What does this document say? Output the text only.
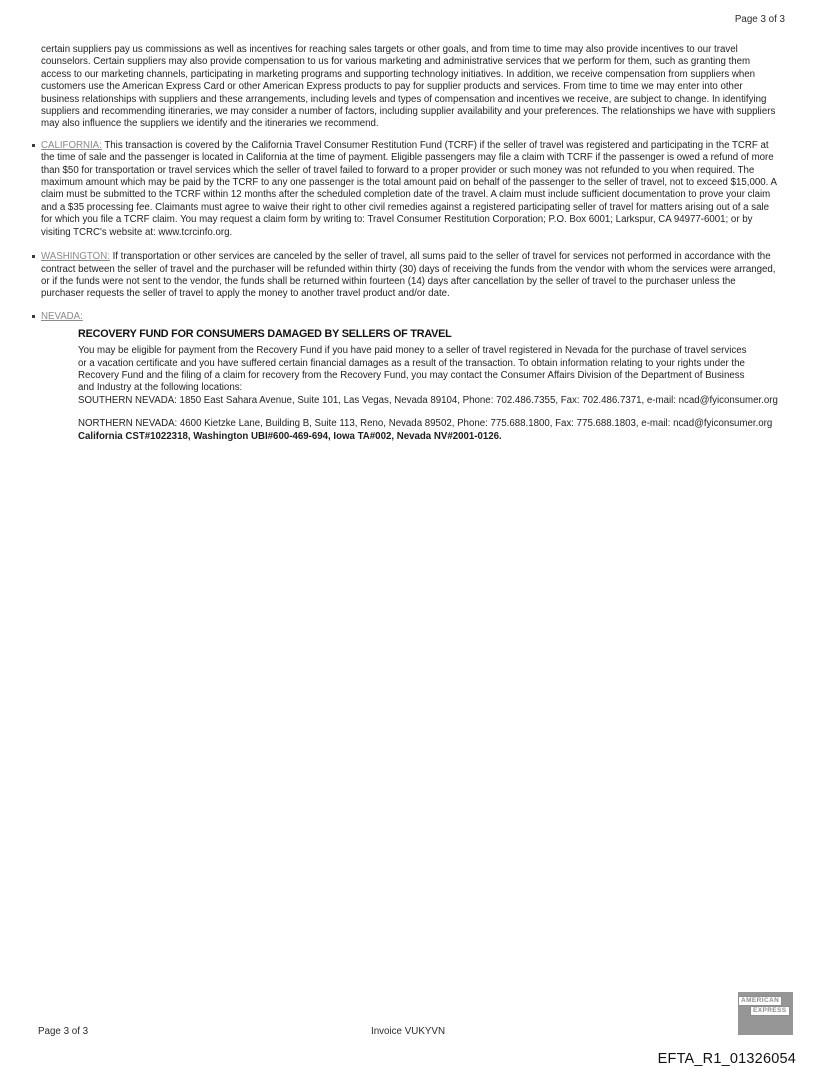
Page 3 of 3

certain suppliers pay us commissions as well as incentives for reaching sales targets or other goals, and from time to time may also provide incentives to our travel counselors. Certain suppliers may also provide compensation to us for various marketing and administrative services that we perform for them, such as granting them access to our marketing channels, participating in marketing programs and supporting technology initiatives. In addition, we receive compensation from suppliers when customers use the American Express Card or other American Express products to pay for supplier products and services. From time to time we may enter into other business relationships with suppliers and these arrangements, including levels and types of compensation and incentives we receive, are subject to change. In identifying suppliers and recommending itineraries, we may consider a number of factors, including supplier availability and your preferences. The relationships we have with suppliers may also influence the suppliers we identify and the itineraries we recommend.

CALIFORNIA: This transaction is covered by the California Travel Consumer Restitution Fund (TCRF) if the seller of travel was registered and participating in the TCRF at the time of sale and the passenger is located in California at the time of payment. Eligible passengers may file a claim with TCRF if the passenger is owed a refund of more than $50 for transportation or travel services which the seller of travel failed to forward to a proper provider or such money was not refunded to you when required. The maximum amount which may be paid by the TCRF to any one passenger is the total amount paid on behalf of the passenger to the seller of travel, not to exceed $15,000. A claim must be submitted to the TCRF within 12 months after the scheduled completion date of the travel. A claim must include sufficient documentation to prove your claim and a $35 processing fee. Claimants must agree to waive their right to other civil remedies against a registered participating seller of travel for matters arising out of a sale for which you file a TCRF claim. You may request a claim form by writing to: Travel Consumer Restitution Corporation; P.O. Box 6001; Larkspur, CA 94977-6001; or by visiting TCRC's website at: www.tcrcinfo.org.
WASHINGTON: If transportation or other services are canceled by the seller of travel, all sums paid to the seller of travel for services not performed in accordance with the contract between the seller of travel and the purchaser will be refunded within thirty (30) days of receiving the funds from the vendor with whom the services were arranged, or if the funds were not sent to the vendor, the funds shall be returned within fourteen (14) days after cancellation by the seller of travel to the purchaser unless the purchaser requests the seller of travel to apply the money to another travel product and/or date.
NEVADA:
RECOVERY FUND FOR CONSUMERS DAMAGED BY SELLERS OF TRAVEL

You may be eligible for payment from the Recovery Fund if you have paid money to a seller of travel registered in Nevada for the purchase of travel services or a vacation certificate and you have suffered certain financial damages as a result of the transaction. To obtain information relating to your rights under the Recovery Fund and the filing of a claim for recovery from the Recovery Fund, you may contact the Consumer Affairs Division of the Department of Business and Industry at the following locations:

SOUTHERN NEVADA: 1850 East Sahara Avenue, Suite 101, Las Vegas, Nevada 89104, Phone: 702.486.7355, Fax: 702.486.7371, e-mail: ncad@fyiconsumer.org

NORTHERN NEVADA: 4600 Kietzke Lane, Building B, Suite 113, Reno, Nevada 89502, Phone: 775.688.1800, Fax: 775.688.1803, e-mail: ncad@fyiconsumer.org

California CST#1022318, Washington UBI#600-469-694, Iowa TA#002, Nevada NV#2001-0126.

AMERICAN
EXPRESS
Page 3 of 3	Invoice VUKYVN
EFTA_R1_01326054
